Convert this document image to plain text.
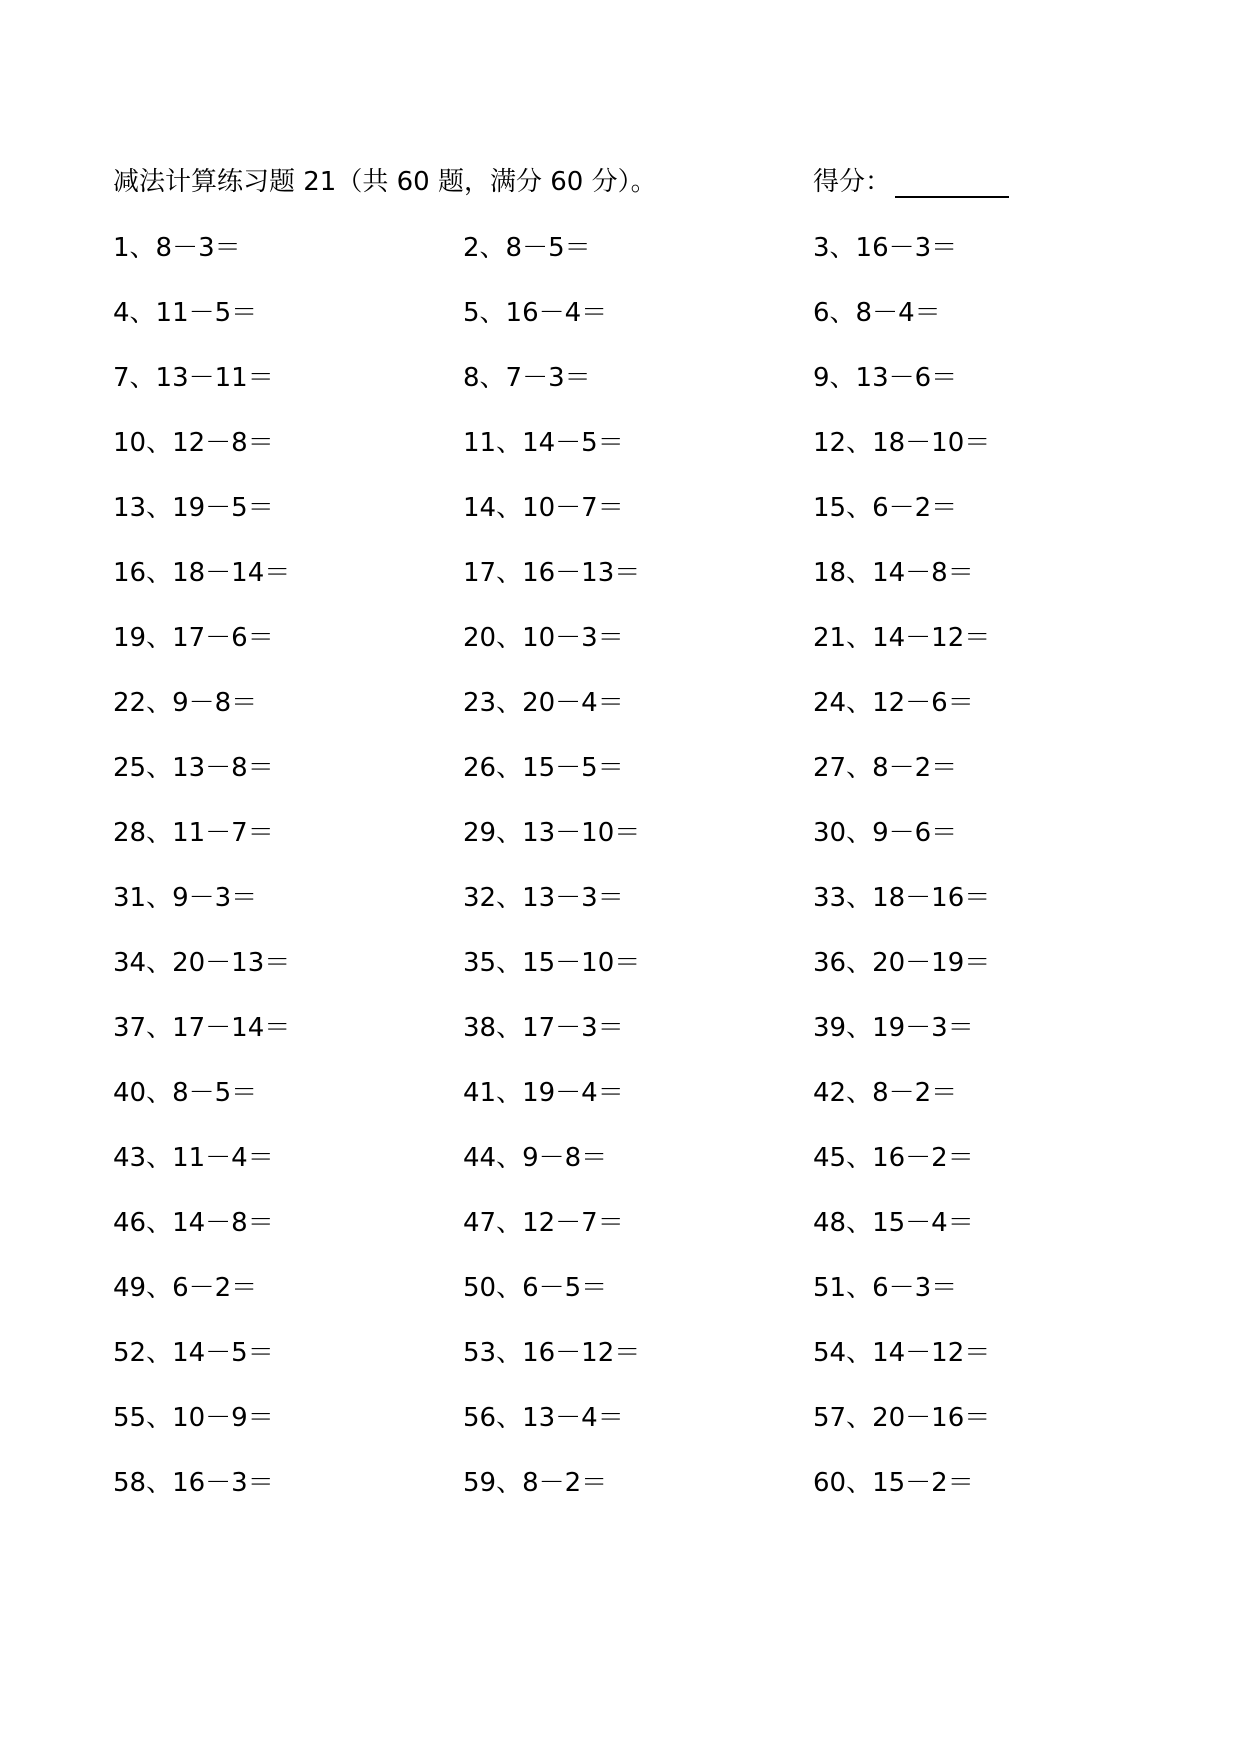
减法计算练习题 21（共 60 题，满分 60 分）。	得分：
1、8－3＝	2、8－5＝	3、16－3＝
4、11－5＝	5、16－4＝	6、8－4＝
7、13－11＝	8、7－3＝	9、13－6＝
10、12－8＝	11、14－5＝	12、18－10＝
13、19－5＝	14、10－7＝	15、6－2＝
16、18－14＝	17、16－13＝	18、14－8＝
19、17－6＝	20、10－3＝	21、14－12＝
22、9－8＝	23、20－4＝	24、12－6＝
25、13－8＝	26、15－5＝	27、8－2＝
28、11－7＝	29、13－10＝	30、9－6＝
31、9－3＝	32、13－3＝	33、18－16＝
34、20－13＝	35、15－10＝	36、20－19＝
37、17－14＝	38、17－3＝	39、19－3＝
40、8－5＝	41、19－4＝	42、8－2＝
43、11－4＝	44、9－8＝	45、16－2＝
46、14－8＝	47、12－7＝	48、15－4＝
49、6－2＝	50、6－5＝	51、6－3＝
52、14－5＝	53、16－12＝	54、14－12＝
55、10－9＝	56、13－4＝	57、20－16＝
58、16－3＝	59、8－2＝	60、15－2＝
